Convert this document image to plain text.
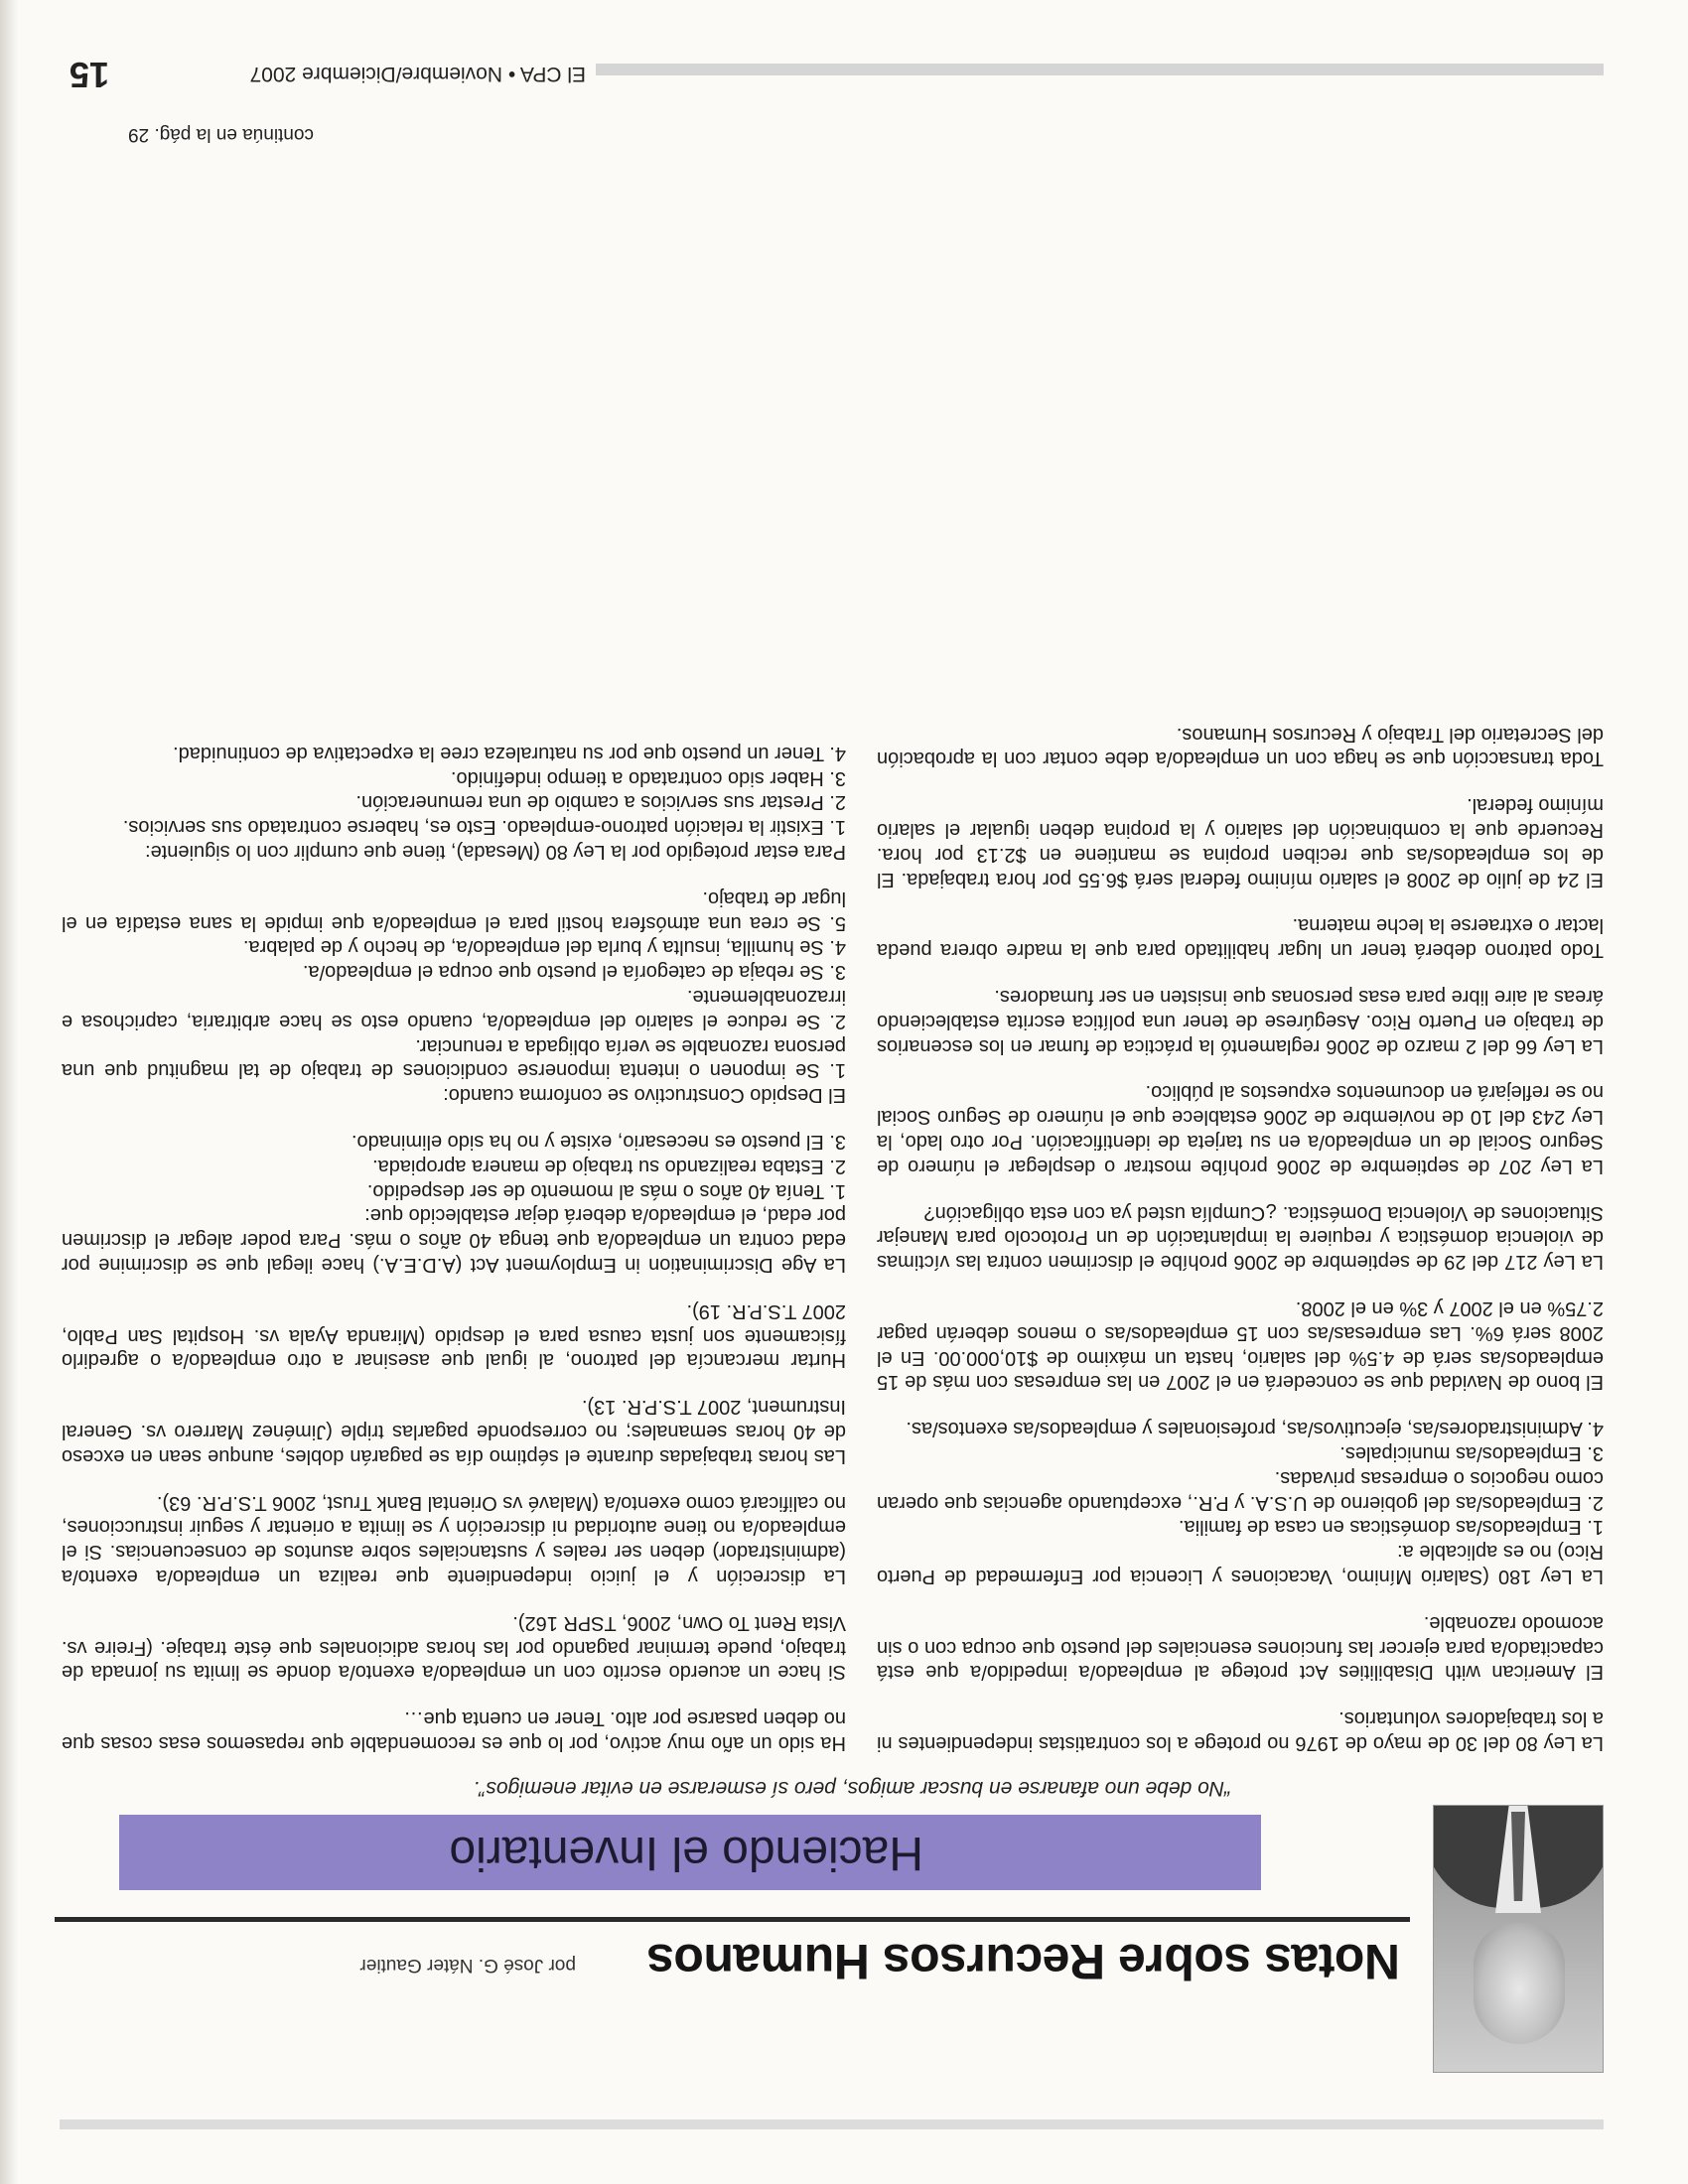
Notas sobre Recursos Humanos
por José G. Náter Gautier
Haciendo el Inventario
“No debe uno afanarse en buscar amigos, pero sí esmerarse en evitar enemigos”.

Ha sido un año muy activo, por lo que es recomendable que repasemos esas cosas que no deben pasarse por alto. Tener en cuenta que…

Si hace un acuerdo escrito con un empleado/a exento/a donde se limita su jornada de trabajo, puede terminar pagando por las horas adicionales que éste trabaje. (Freire vs. Vista Rent To Own, 2006, TSPR 162).

La discreción y el juicio independiente que realiza un empleado/a exento/a (administrador) deben ser reales y sustanciales sobre asuntos de consecuencias. Si el empleado/a no tiene autoridad ni discreción y se limita a orientar y seguir instrucciones, no calificará como exento/a (Malavé vs Oriental Bank Trust, 2006 T.S.P.R. 63).

Las horas trabajadas durante el séptimo día se pagarán dobles, aunque sean en exceso de 40 horas semanales; no corresponde pagarlas triple (Jiménez Marrero vs. General Instrument, 2007 T.S.P.R. 13).

Hurtar mercancía del patrono, al igual que asesinar a otro empleado/a o agredirlo físicamente son justa causa para el despido (Miranda Ayala vs. Hospital San Pablo, 2007 T.S.P.R. 19).

La Age Discrimination in Employment Act (A.D.E.A.) hace ilegal que se discrimine por edad contra un empleado/a que tenga 40 años o más. Para poder alegar el discrimen por edad, el empleado/a deberá dejar establecido que:

1. Tenía 40 años o más al momento de ser despedido.
2. Estaba realizando su trabajo de manera apropiada.
3. El puesto es necesario, existe y no ha sido eliminado.

El Despido Constructivo se conforma cuando:

1. Se imponen o intenta imponerse condiciones de trabajo de tal magnitud que una persona razonable se vería obligada a renunciar.
2. Se reduce el salario del empleado/a, cuando esto se hace arbitraria, caprichosa e irrazonablemente.
3. Se rebaja de categoría el puesto que ocupa el empleado/a.
4. Se humilla, insulta y burla del empleado/a, de hecho y de palabra.
5. Se crea una atmósfera hostil para el empleado/a que impide la sana estadía en el lugar de trabajo.

Para estar protegido por la Ley 80 (Mesada), tiene que cumplir con lo siguiente:

1. Existir la relación patrono-empleado. Esto es, haberse contratado sus servicios.
2. Prestar sus servicios a cambio de una remuneración.
3. Haber sido contratado a tiempo indefinido.
4. Tener un puesto que por su naturaleza cree la expectativa de continuidad.

La Ley 80 del 30 de mayo de 1976 no protege a los contratistas independientes ni a los trabajadores voluntarios.

El American with Disabilities Act protege al empleado/a impedido/a que está capacitado/a para ejercer las funciones esenciales del puesto que ocupa con o sin acomodo razonable.

La Ley 180 (Salario Mínimo, Vacaciones y Licencia por Enfermedad de Puerto Rico) no es aplicable a:

1. Empleados/as domésticas en casa de familia.
2. Empleados/as del gobierno de U.S.A. y P.R., exceptuando agencias que operan como negocios o empresas privadas.
3. Empleados/as municipales.
4. Administradores/as, ejecutivos/as, profesionales y empleados/as exentos/as.

El bono de Navidad que se concederá en el 2007 en las empresas con más de 15 empleados/as será de 4.5% del salario, hasta un máximo de $10,000.00. En el 2008 será 6%. Las empresas/as con 15 empleados/as o menos deberán pagar 2.75% en el 2007 y 3% en el 2008.

La Ley 217 del 29 de septiembre de 2006 prohíbe el discrimen contra las víctimas de violencia doméstica y requiere la implantación de un Protocolo para Manejar Situaciones de Violencia Doméstica. ¿Cumplía usted ya con esta obligación?

La Ley 207 de septiembre de 2006 prohíbe mostrar o desplegar el número de Seguro Social de un empleado/a en su tarjeta de identificación. Por otro lado, la Ley 243 del 10 de noviembre de 2006 establece que el número de Seguro Social no se reflejará en documentos expuestos al público.

La Ley 66 del 2 marzo de 2006 reglamentó la práctica de fumar en los escenarios de trabajo en Puerto Rico. Asegúrese de tener una política escrita estableciendo áreas al aire libre para esas personas que insisten en ser fumadores.

Todo patrono deberá tener un lugar habilitado para que la madre obrera pueda lactar o extraerse la leche materna.

El 24 de julio de 2008 el salario mínimo federal será $6.55 por hora trabajada. El de los empleados/as que reciben propina se mantiene en $2.13 por hora. Recuerde que la combinación del salario y la propina deben igualar el salario mínimo federal.

Toda transacción que se haga con un empleado/a debe contar con la aprobación del Secretario del Trabajo y Recursos Humanos.

continúa en la pág. 29
El CPA • Noviembre/Diciembre 2007
15
